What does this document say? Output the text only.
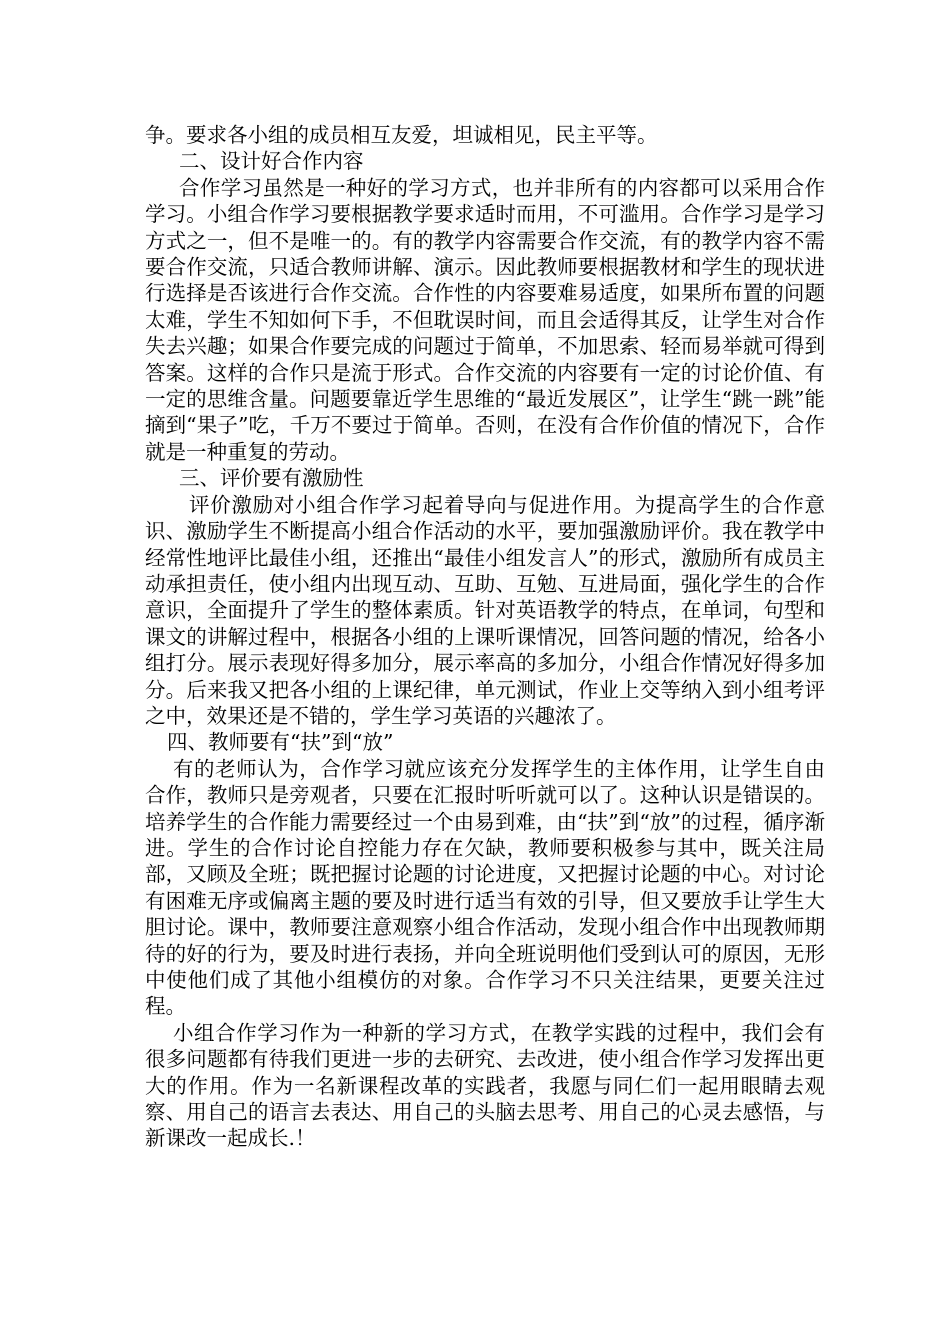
争。要求各小组的成员相互友爱，坦诚相见，民主平等。

二、设计好合作内容

合作学习虽然是一种好的学习方式，也并非所有的内容都可以采用合作学习。小组合作学习要根据教学要求适时而用，不可滥用。合作学习是学习方式之一，但不是唯一的。有的教学内容需要合作交流，有的教学内容不需要合作交流，只适合教师讲解、演示。因此教师要根据教材和学生的现状进行选择是否该进行合作交流。合作性的内容要难易适度，如果所布置的问题太难，学生不知如何下手，不但耽误时间，而且会适得其反，让学生对合作失去兴趣；如果合作要完成的问题过于简单，不加思索、轻而易举就可得到答案。这样的合作只是流于形式。合作交流的内容要有一定的讨论价值、有一定的思维含量。问题要靠近学生思维的“最近发展区”，让学生“跳一跳”能摘到“果子”吃，千万不要过于简单。否则，在没有合作价值的情况下，合作就是一种重复的劳动。

三、评价要有激励性

评价激励对小组合作学习起着导向与促进作用。为提高学生的合作意识、激励学生不断提高小组合作活动的水平，要加强激励评价。我在教学中经常性地评比最佳小组，还推出“最佳小组发言人”的形式，激励所有成员主动承担责任，使小组内出现互动、互助、互勉、互进局面，强化学生的合作意识，全面提升了学生的整体素质。针对英语教学的特点，在单词，句型和课文的讲解过程中，根据各小组的上课听课情况，回答问题的情况，给各小组打分。展示表现好得多加分，展示率高的多加分，小组合作情况好得多加分。后来我又把各小组的上课纪律，单元测试，作业上交等纳入到小组考评之中，效果还是不错的，学生学习英语的兴趣浓了。

四、教师要有“扶”到“放”

有的老师认为，合作学习就应该充分发挥学生的主体作用，让学生自由合作，教师只是旁观者，只要在汇报时听听就可以了。这种认识是错误的。培养学生的合作能力需要经过一个由易到难，由“扶”到“放”的过程，循序渐进。学生的合作讨论自控能力存在欠缺，教师要积极参与其中，既关注局部，又顾及全班；既把握讨论题的讨论进度，又把握讨论题的中心。对讨论有困难无序或偏离主题的要及时进行适当有效的引导，但又要放手让学生大胆讨论。课中，教师要注意观察小组合作活动，发现小组合作中出现教师期待的好的行为，要及时进行表扬，并向全班说明他们受到认可的原因，无形中使他们成了其他小组模仿的对象。合作学习不只关注结果，更要关注过程。

小组合作学习作为一种新的学习方式，在教学实践的过程中，我们会有很多问题都有待我们更进一步的去研究、去改进，使小组合作学习发挥出更大的作用。作为一名新课程改革的实践者，我愿与同仁们一起用眼睛去观察、用自己的语言去表达、用自己的头脑去思考、用自己的心灵去感悟，与新课改一起成长.！
